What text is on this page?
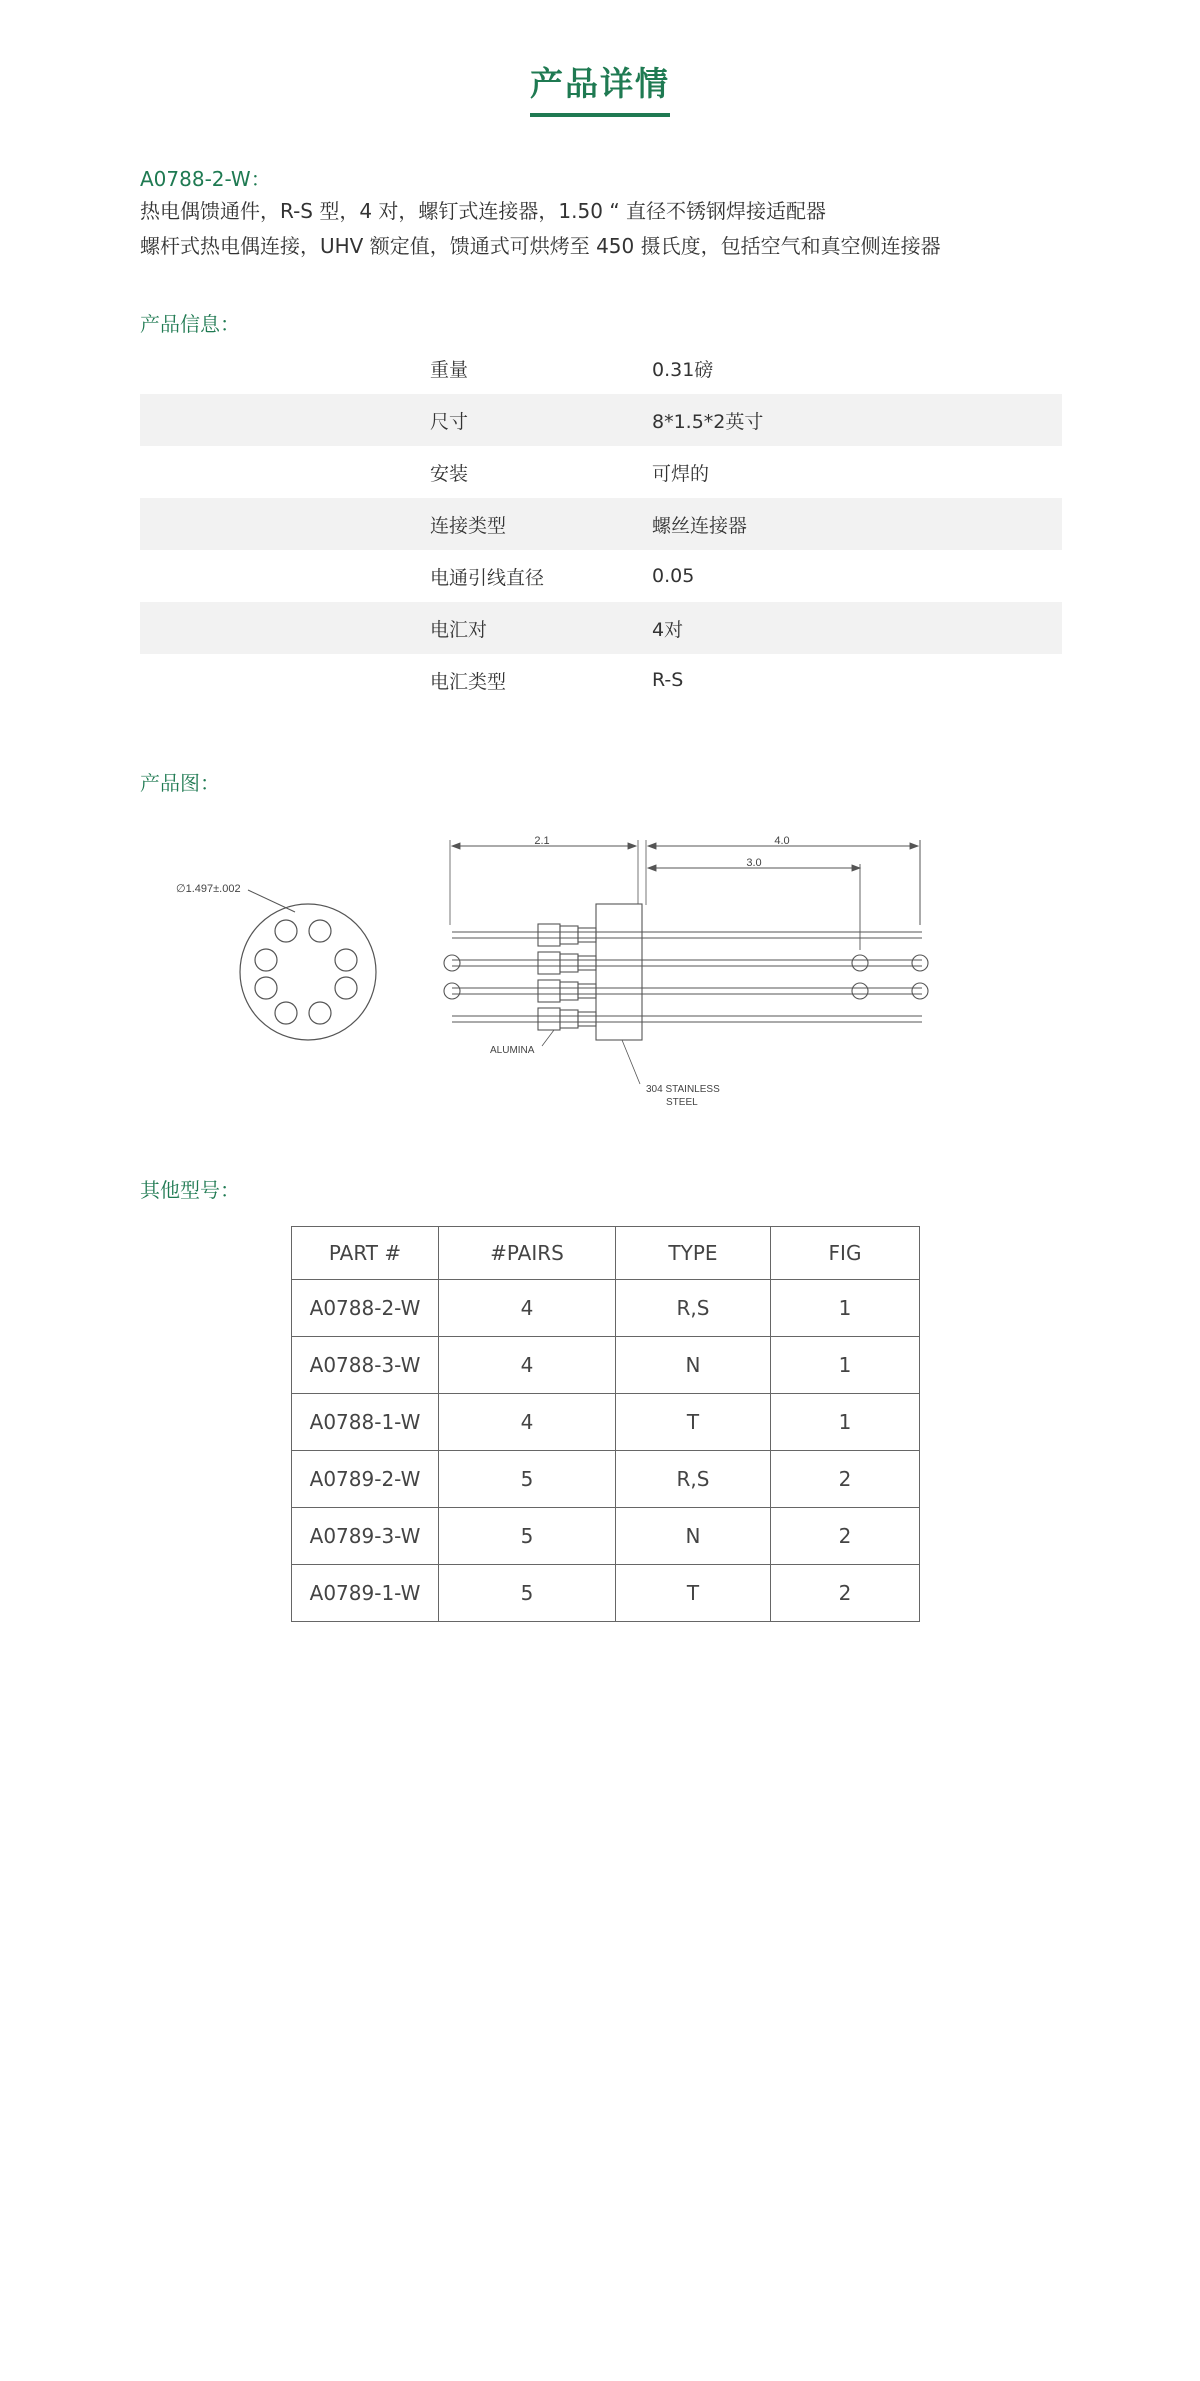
产品详情
A0788-2-W：
热电偶馈通件，R-S 型，4 对，螺钉式连接器，1.50 “ 直径不锈钢焊接适配器
螺杆式热电偶连接，UHV 额定值，馈通式可烘烤至 450 摄氏度，包括空气和真空侧连接器
产品信息：
重量	0.31磅
尺寸	8*1.5*2英寸
安装	可焊的
连接类型	螺丝连接器
电通引线直径	0.05
电汇对	4对
电汇类型	R-S
产品图：
∅1.497±.002
2.1	4.0
3.0
ALUMINA
304 STAINLESS
STEEL
其他型号：
PART #	#PAIRS	TYPE	FIG
A0788-2-W	4	R,S	1
A0788-3-W	4	N	1
A0788-1-W	4	T	1
A0789-2-W	5	R,S	2
A0789-3-W	5	N	2
A0789-1-W	5	T	2
